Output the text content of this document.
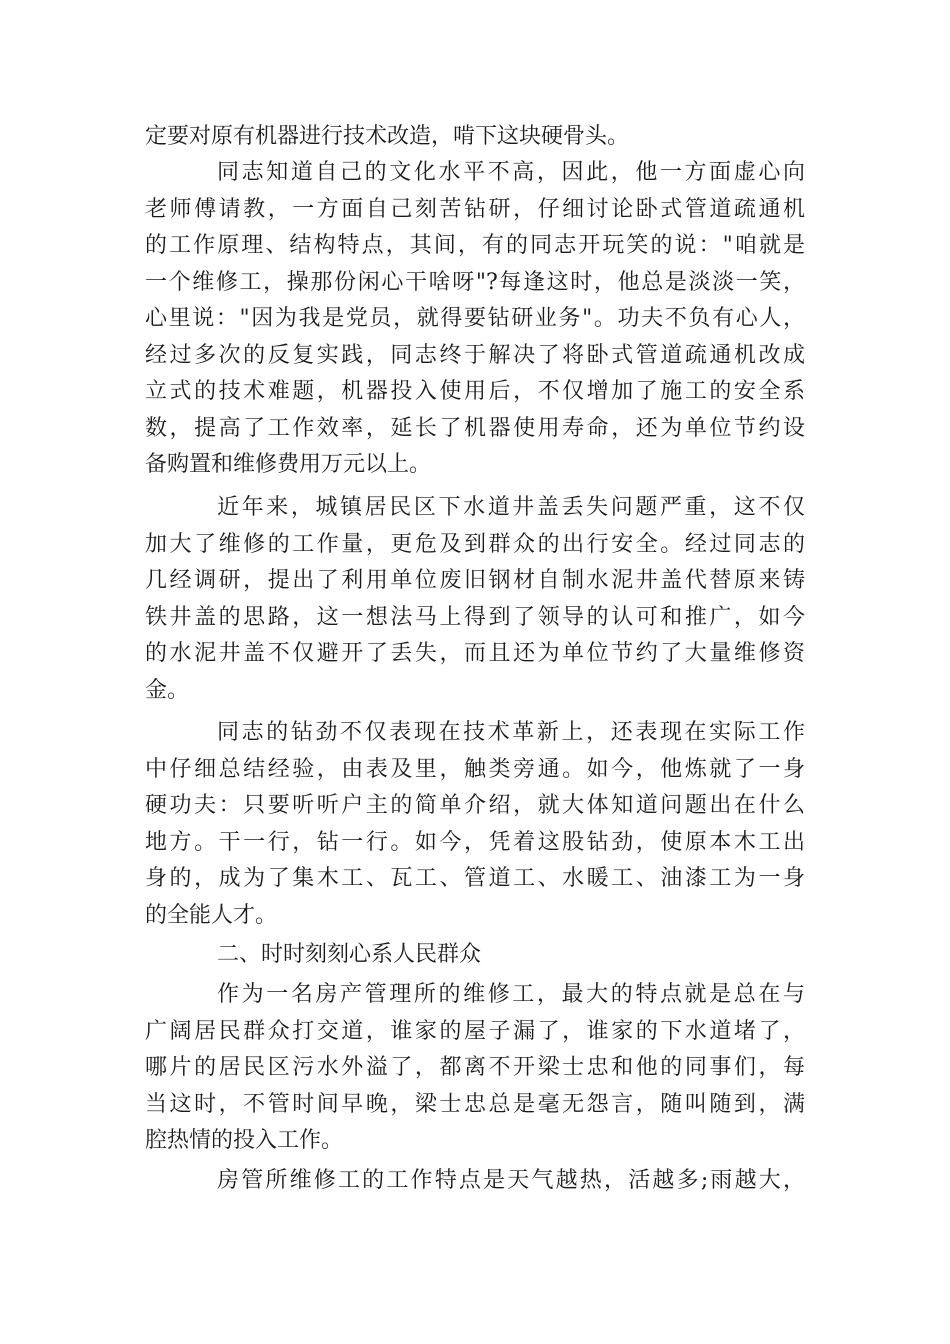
定要对原有机器进行技术改造，啃下这块硬骨头。
同志知道自己的文化水平不高，因此，他一方面虚心向
老师傅请教，一方面自己刻苦钻研，仔细讨论卧式管道疏通机
的工作原理、结构特点，其间，有的同志开玩笑的说："咱就是
一个维修工，操那份闲心干啥呀"?每逢这时，他总是淡淡一笑，
心里说："因为我是党员，就得要钻研业务"。功夫不负有心人，
经过多次的反复实践，同志终于解决了将卧式管道疏通机改成
立式的技术难题，机器投入使用后，不仅增加了施工的安全系
数，提高了工作效率，延长了机器使用寿命，还为单位节约设
备购置和维修费用万元以上。
近年来，城镇居民区下水道井盖丢失问题严重，这不仅
加大了维修的工作量，更危及到群众的出行安全。经过同志的
几经调研，提出了利用单位废旧钢材自制水泥井盖代替原来铸
铁井盖的思路，这一想法马上得到了领导的认可和推广，如今
的水泥井盖不仅避开了丢失，而且还为单位节约了大量维修资
金。
同志的钻劲不仅表现在技术革新上，还表现在实际工作
中仔细总结经验，由表及里，触类旁通。如今，他炼就了一身
硬功夫：只要听听户主的简单介绍，就大体知道问题出在什么
地方。干一行，钻一行。如今，凭着这股钻劲，使原本木工出
身的，成为了集木工、瓦工、管道工、水暖工、油漆工为一身
的全能人才。
二、时时刻刻心系人民群众
作为一名房产管理所的维修工，最大的特点就是总在与
广阔居民群众打交道，谁家的屋子漏了，谁家的下水道堵了，
哪片的居民区污水外溢了，都离不开梁士忠和他的同事们，每
当这时，不管时间早晚，梁士忠总是毫无怨言，随叫随到，满
腔热情的投入工作。
房管所维修工的工作特点是天气越热，活越多;雨越大，
